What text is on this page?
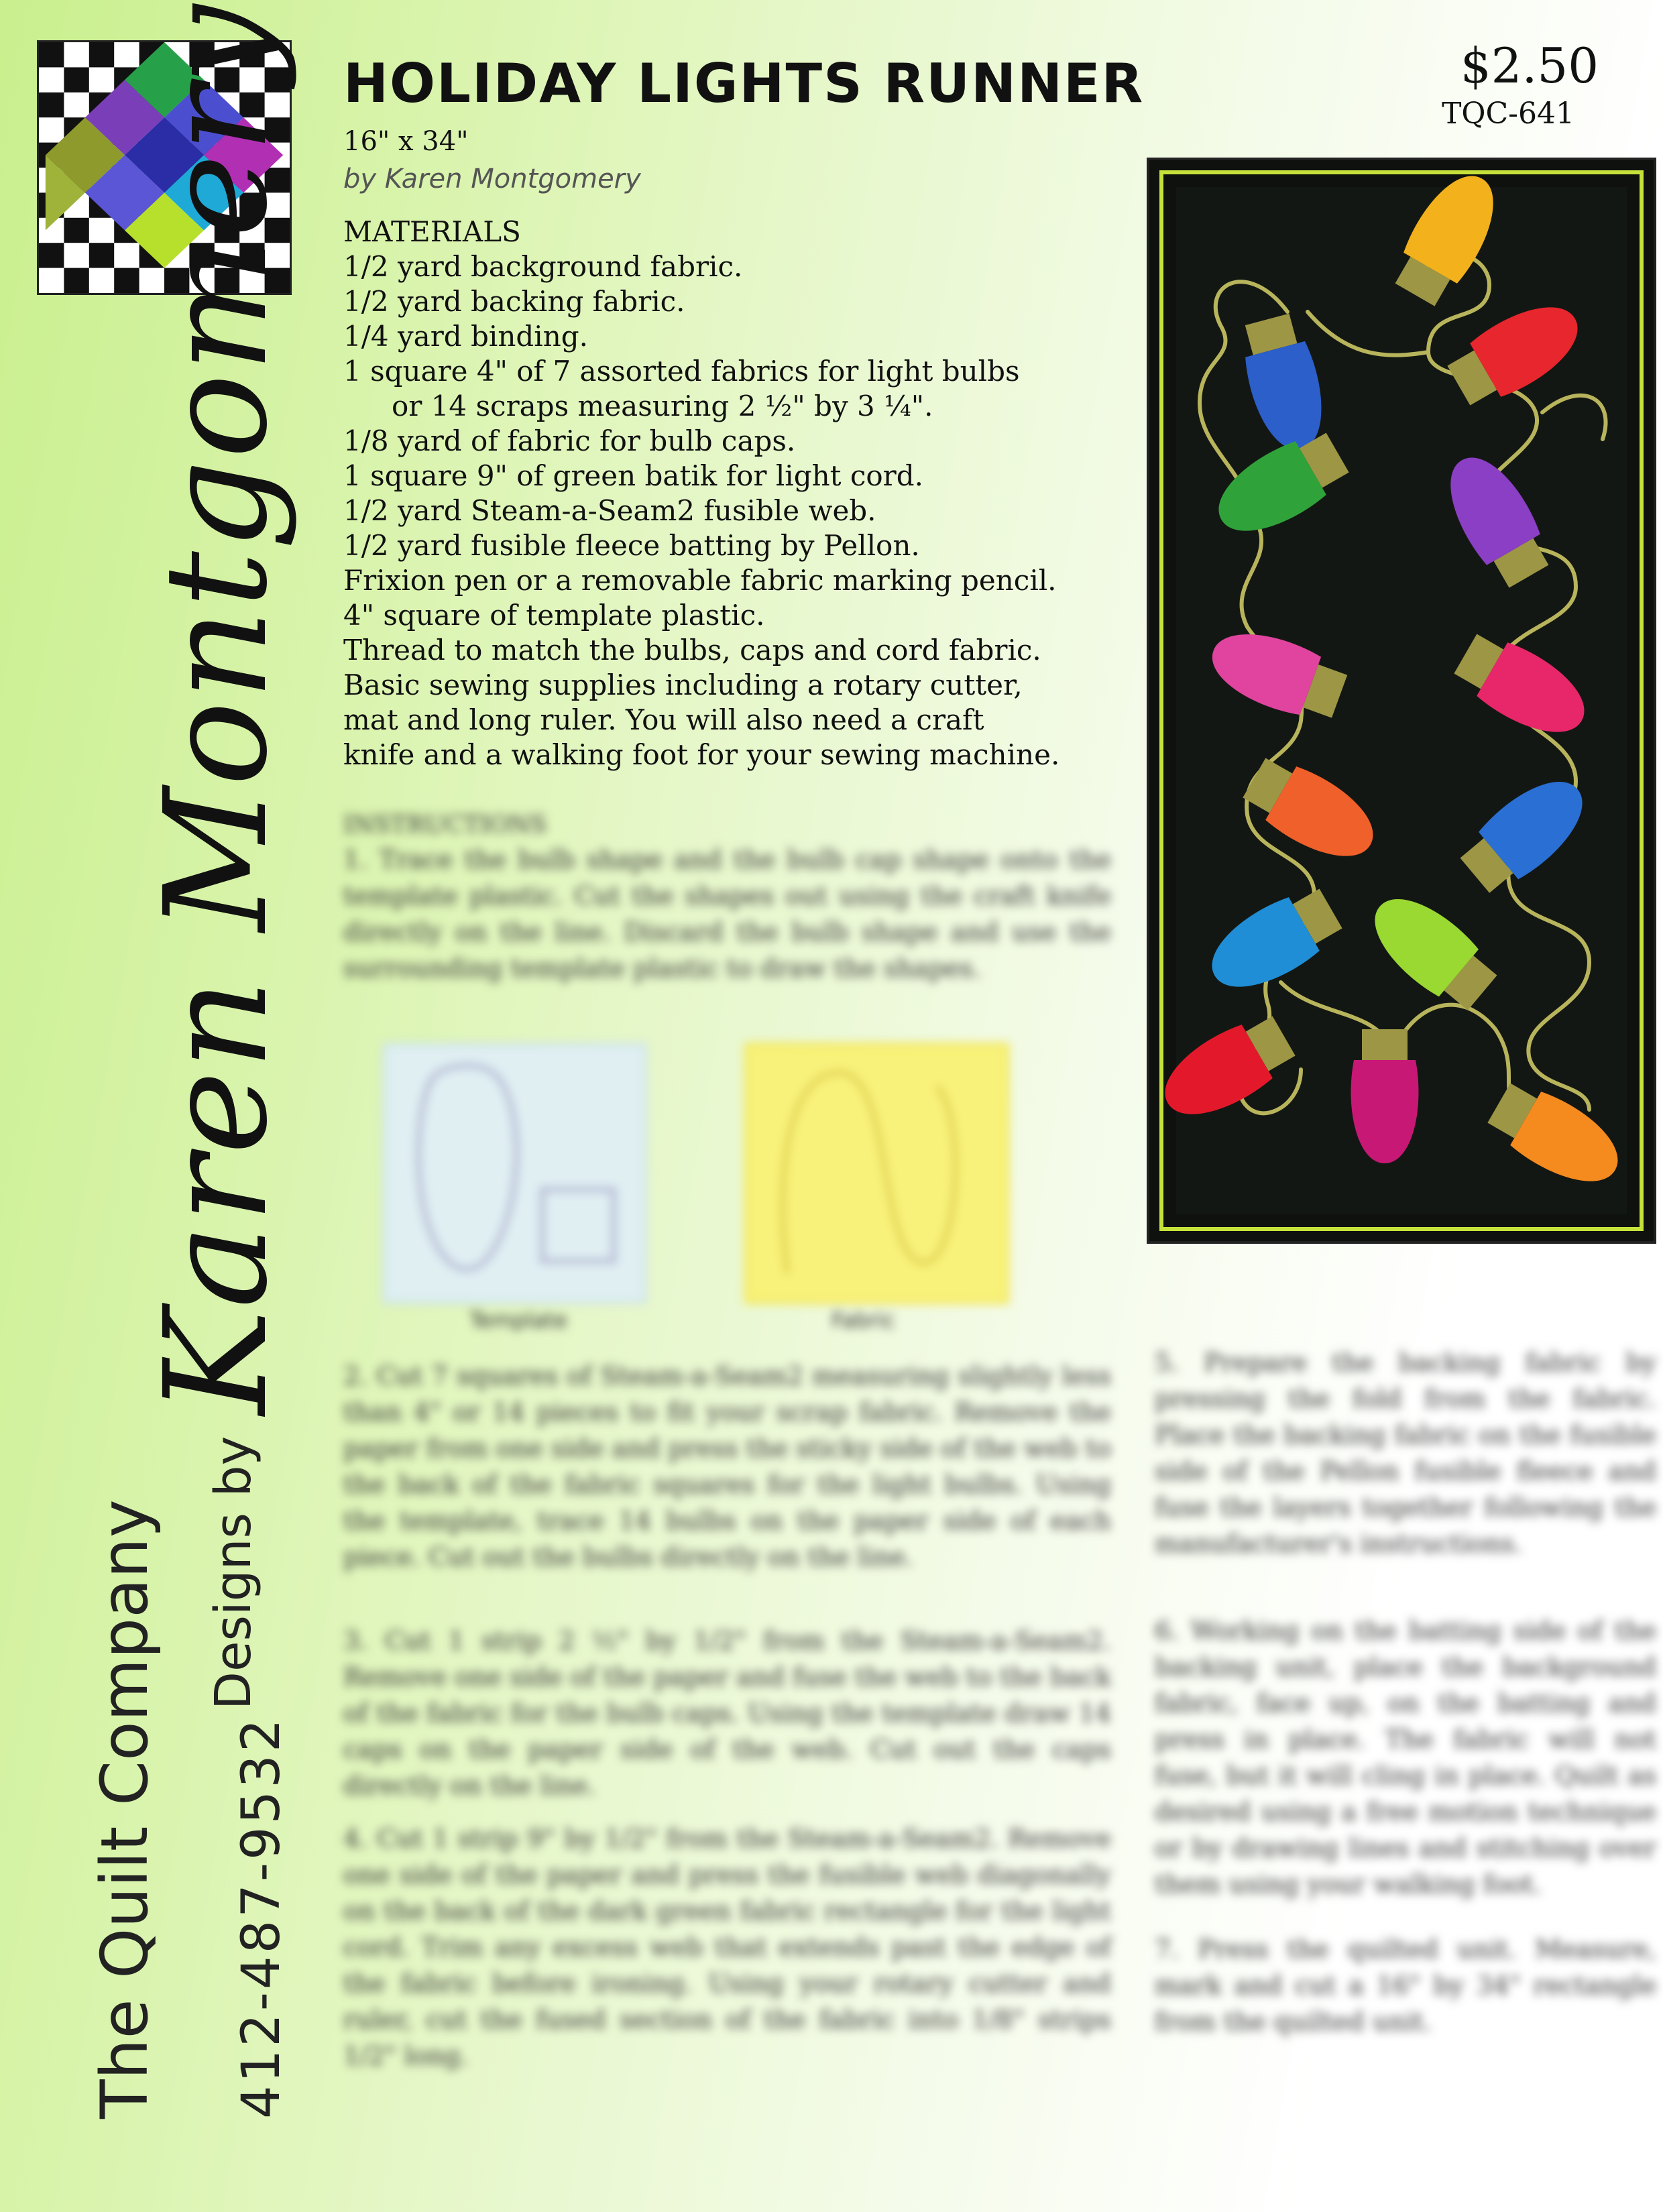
Karen Montgomery
Designs by
The Quilt Company 412-487-9532
HOLIDAY LIGHTS RUNNER
16" x 34"
by Karen Montgomery
$2.50
TQC-641
MATERIALS
1/2 yard background fabric.
1/2 yard backing fabric.
1/4 yard binding.
1 square 4" of 7 assorted fabrics for light bulbs
or 14 scraps measuring 2 ½" by 3 ¼".
1/8 yard of fabric for bulb caps.
1 square 9" of green batik for light cord.
1/2 yard Steam-a-Seam2 fusible web.
1/2 yard fusible fleece batting by Pellon.
Frixion pen or a removable fabric marking pencil.
4" square of template plastic.
Thread to match the bulbs, caps and cord fabric.
Basic sewing supplies including a rotary cutter,
mat and long ruler. You will also need a craft
knife and a walking foot for your sewing machine.
INSTRUCTIONS
1. Trace the bulb shape and the bulb cap shape onto the template plastic. Cut the shapes out using the craft knife directly on the line. Discard the bulb shape and use the surrounding template plastic to draw the shapes.
Template	Fabric
2. Cut 7 squares of Steam-a-Seam2 measuring slightly less than 4" or 14 pieces to fit your scrap fabric. Remove the paper from one side and press the sticky side of the web to the back of the fabric squares for the light bulbs. Using the template, trace 14 bulbs on the paper side of each piece. Cut out the bulbs directly on the line.
3. Cut 1 strip 2 ½" by 1/2" from the Steam-a-Seam2. Remove one side of the paper and fuse the web to the back of the fabric for the bulb caps. Using the template draw 14 caps on the paper side of the web. Cut out the caps directly on the line.
4. Cut 1 strip 9" by 1/2" from the Steam-a-Seam2. Remove one side of the paper and press the fusible web diagonally on the back of the dark green fabric rectangle for the light cord. Trim any excess web that extends past the edge of the fabric before ironing. Using your rotary cutter and ruler, cut the fused section of the fabric into 1/8" strips 1/2" long.
5. Prepare the backing fabric by pressing the fold from the fabric. Place the backing fabric on the fusible side of the Pellon fusible fleece and fuse the layers together following the manufacturer's instructions.
6. Working on the batting side of the backing unit, place the background fabric, face up, on the batting and press in place. The fabric will not fuse, but it will cling in place. Quilt as desired using a free motion technique or by drawing lines and stitching over them using your walking foot.
7. Press the quilted unit. Measure, mark and cut a 16" by 34" rectangle from the quilted unit.
